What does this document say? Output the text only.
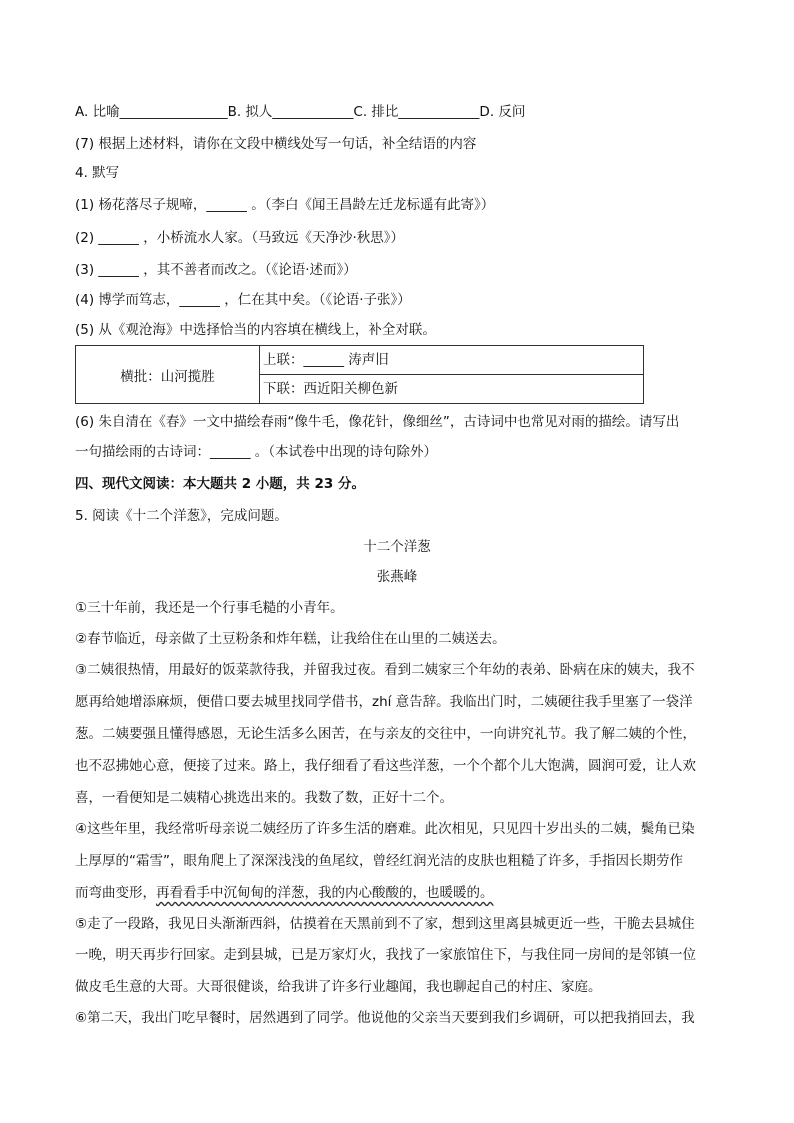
A. 比喻________________B. 拟人____________C. 排比____________D. 反问
(7) 根据上述材料，请你在文段中横线处写一句话，补全结语的内容
4. 默写
(1) 杨花落尽子规啼，______ 。（李白《闻王昌龄左迁龙标遥有此寄》）
(2) ______ ，小桥流水人家。（马致远《天净沙·秋思》）
(3) ______ ，其不善者而改之。（《论语·述而》）
(4) 博学而笃志，______ ，仁在其中矣。（《论语·子张》）
(5) 从《观沧海》中选择恰当的内容填在横线上，补全对联。
横批：山河揽胜	
上联：______ 涛声旧
下联：西近阳关柳色新
(6) 朱自清在《春》一文中描绘春雨“像牛毛，像花针，像细丝”，古诗词中也常见对雨的描绘。请写出
一句描绘雨的古诗词：______ 。（本试卷中出现的诗句除外）
四、现代文阅读：本大题共 2 小题，共 23 分。
5. 阅读《十二个洋葱》，完成问题。
十二个洋葱
张燕峰
①三十年前，我还是一个行事毛糙的小青年。
②春节临近，母亲做了土豆粉条和炸年糕，让我给住在山里的二姨送去。
③二姨很热情，用最好的饭菜款待我，并留我过夜。看到二姨家三个年幼的表弟、卧病在床的姨夫，我不
愿再给她增添麻烦，便借口要去城里找同学借书，zhí 意告辞。我临出门时，二姨硬往我手里塞了一袋洋
葱。二姨要强且懂得感恩，无论生活多么困苦，在与亲友的交往中，一向讲究礼节。我了解二姨的个性，
也不忍拂她心意，便接了过来。路上，我仔细看了看这些洋葱，一个个都个儿大饱满，圆润可爱，让人欢
喜，一看便知是二姨精心挑选出来的。我数了数，正好十二个。
④这些年里，我经常听母亲说二姨经历了许多生活的磨难。此次相见，只见四十岁出头的二姨，鬓角已染
上厚厚的“霜雪”，眼角爬上了深深浅浅的鱼尾纹，曾经红润光洁的皮肤也粗糙了许多，手指因长期劳作
而弯曲变形，再看看手中沉甸甸的洋葱，我的内心酸酸的，也暖暖的。
⑤走了一段路，我见日头渐渐西斜，估摸着在天黑前到不了家，想到这里离县城更近一些，干脆去县城住
一晚，明天再步行回家。走到县城，已是万家灯火，我找了一家旅馆住下，与我住同一房间的是邻镇一位
做皮毛生意的大哥。大哥很健谈，给我讲了许多行业趣闻，我也聊起自己的村庄、家庭。
⑥第二天，我出门吃早餐时，居然遇到了同学。他说他的父亲当天要到我们乡调研，可以把我捎回去，我
